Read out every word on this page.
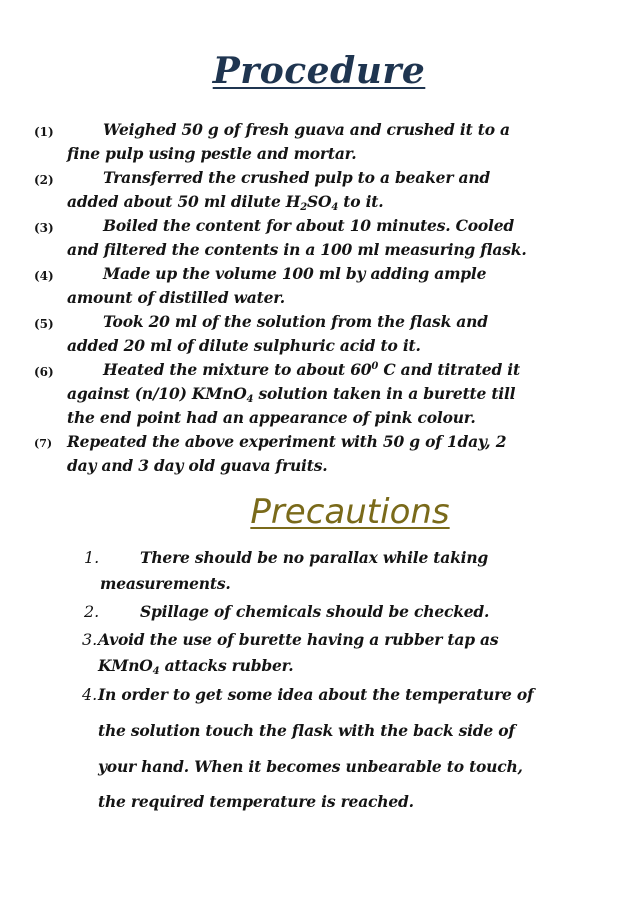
Procedure
(1)	Weighed 50 g of fresh guava and crushed it to a
fine pulp using pestle and mortar.
(2)	Transferred the crushed pulp to a beaker and
added about 50 ml dilute $H_2SO_4$ to it.
(3)	Boiled the content for about 10 minutes. Cooled
and filtered the contents in a 100 ml measuring flask.
(4)	Made up the volume 100 ml by adding ample
amount of distilled water.
(5)	Took 20 ml of the solution from the flask and
added 20 ml of dilute sulphuric acid to it.
(6)	Heated the mixture to about $60^0$ C and titrated it
against (n/10) KMnO$_4$ solution taken in a burette till
the end point had an appearance of pink colour.
(7) Repeated the above experiment with 50 g of 1day, 2
day and 3 day old guava fruits.
Precautions
1.	There should be no parallax while taking
measurements.
2.	Spillage of chemicals should be checked.
3. Avoid the use of burette having a rubber tap as
KMnO$_4$ attacks rubber.
4. In order to get some idea about the temperature of
the solution touch the flask with the back side of
your hand. When it becomes unbearable to touch,
the required temperature is reached.
